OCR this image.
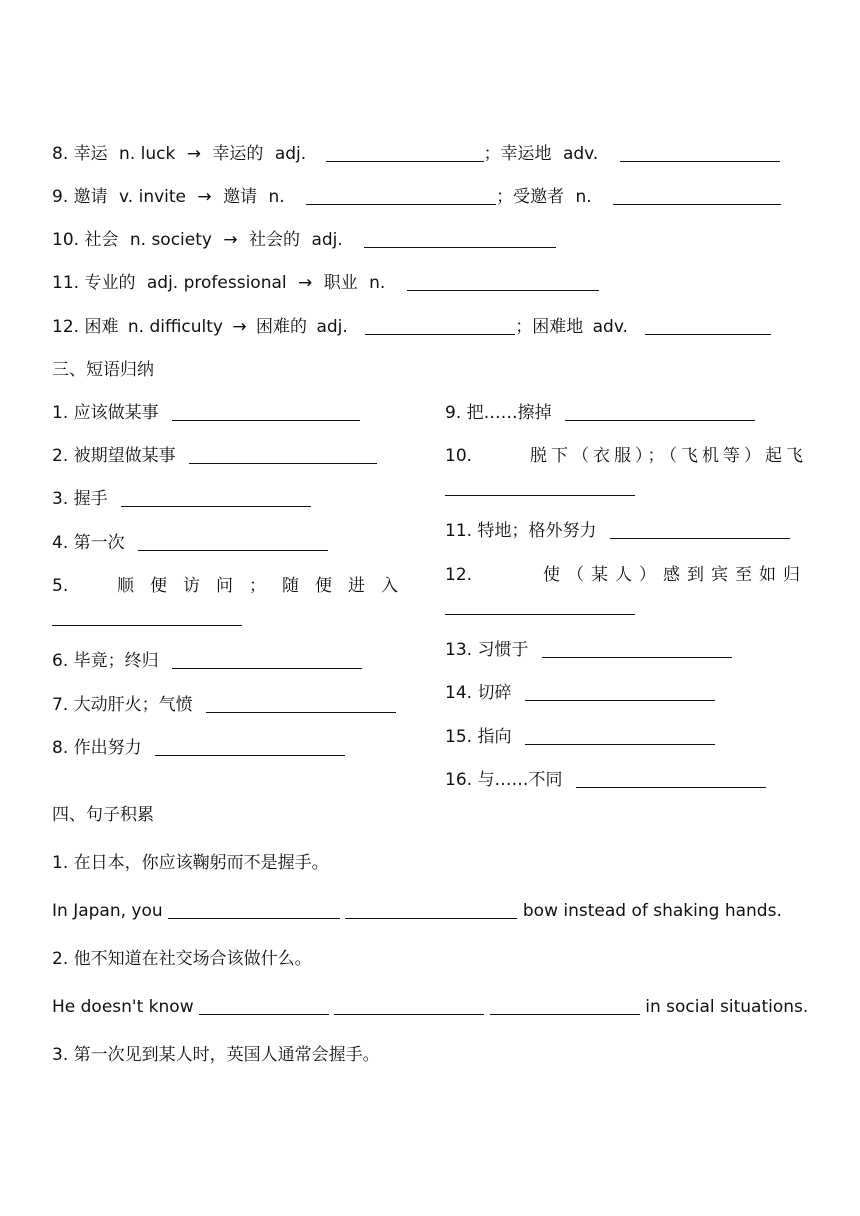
8. 幸运 n. luck → 幸运的 adj.	；幸运地 adv.
9. 邀请 v. invite → 邀请 n.	；受邀者 n.
10. 社会 n. society → 社会的 adj.
11. 专业的 adj. professional → 职业 n.
12. 困难 n. difficulty → 困难的 adj.	；困难地 adv.
三、短语归纳
1. 应该做某事
2. 被期望做某事
3. 握手
4. 第一次
5.	顺便访问；随便进入
6. 毕竟；终归
7. 大动肝火；气愤
8. 作出努力
9. 把……擦掉
10.	脱下（衣服）；（飞机等）起飞
11. 特地；格外努力
12.	使（某人）感到宾至如归
13. 习惯于
14. 切碎
15. 指向
16. 与……不同
四、句子积累
1. 在日本，你应该鞠躬而不是握手。
In Japan, you	bow instead of shaking hands.
2. 他不知道在社交场合该做什么。
He doesn't know	in social situations.
3. 第一次见到某人时，英国人通常会握手。
